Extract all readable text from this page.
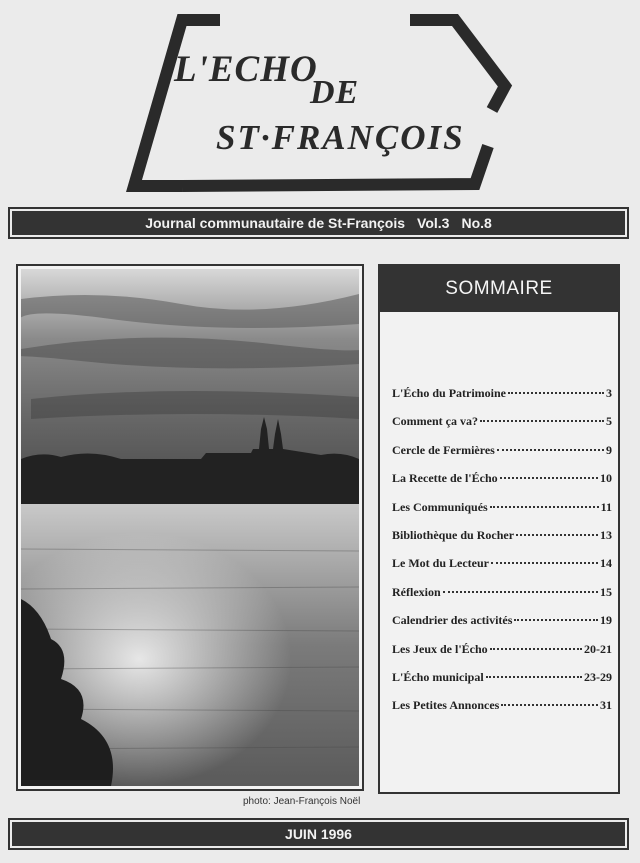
L'ECHO
DE
ST·FRANÇOIS
Journal communautaire de St-François Vol.3 No.8
photo: Jean-François Noël
SOMMAIRE
L'Écho du Patrimoine	3
Comment ça va?	5
Cercle de Fermières	9
La Recette de l'Écho	10
Les Communiqués	11
Bibliothèque du Rocher	13
Le Mot du Lecteur	14
Réflexion	15
Calendrier des activités	19
Les Jeux de l'Écho	20-21
L'Écho municipal	23-29
Les Petites Annonces	31
JUIN 1996
